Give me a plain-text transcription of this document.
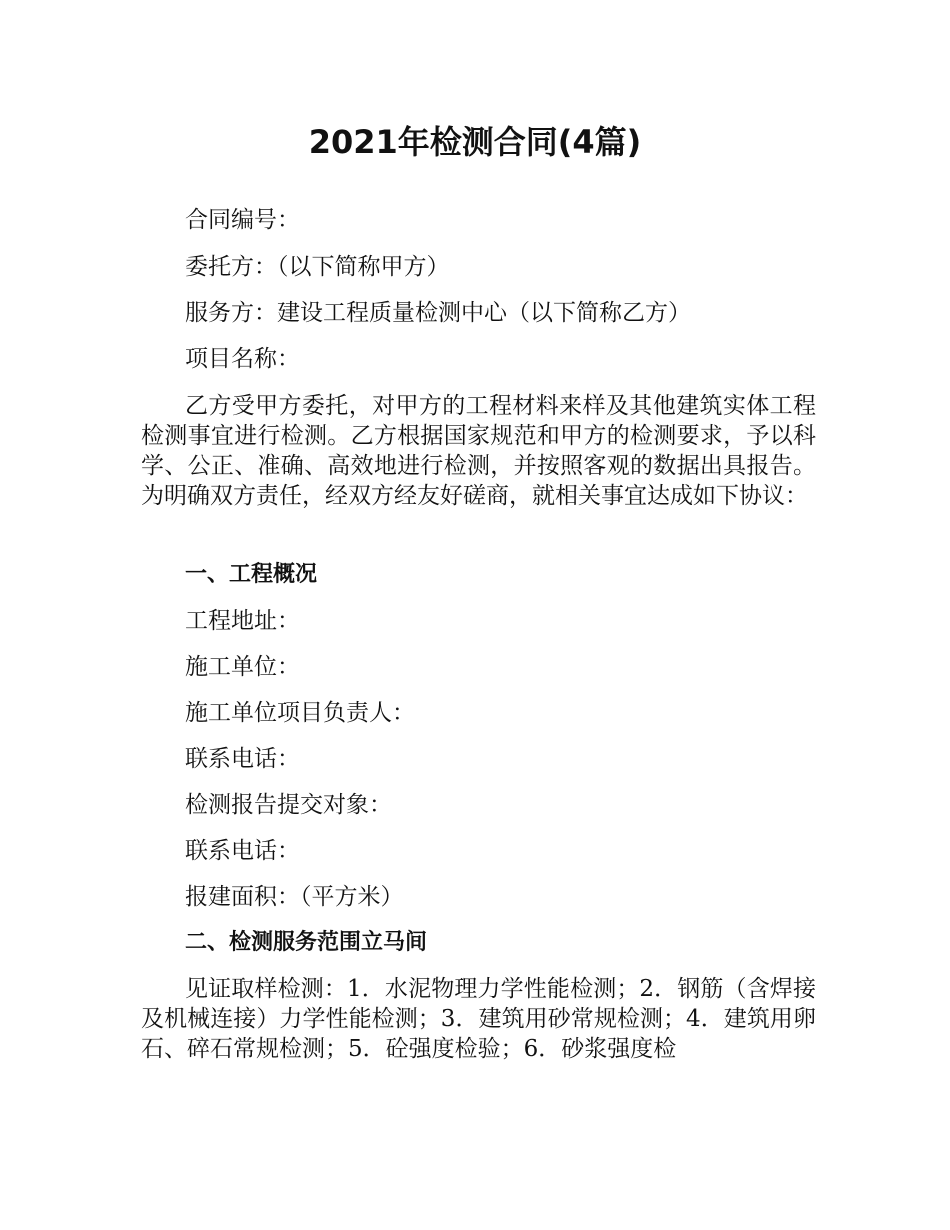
2021年检测合同(4篇)
合同编号：
委托方：（以下简称甲方）
服务方：建设工程质量检测中心（以下简称乙方）
项目名称：

乙方受甲方委托，对甲方的工程材料来样及其他建筑实体工程检测事宜进行检测。乙方根据国家规范和甲方的检测要求，予以科学、公正、准确、高效地进行检测，并按照客观的数据出具报告。为明确双方责任，经双方经友好磋商，就相关事宜达成如下协议：

一、工程概况
工程地址：
施工单位：
施工单位项目负责人：
联系电话：
检测报告提交对象：
联系电话：
报建面积：（平方米）
二、检测服务范围立马间

见证取样检测：1．水泥物理力学性能检测；2．钢筋（含焊接及机械连接）力学性能检测；3．建筑用砂常规检测；4．建筑用卵石、碎石常规检测；5．砼强度检验；6．砂浆强度检
